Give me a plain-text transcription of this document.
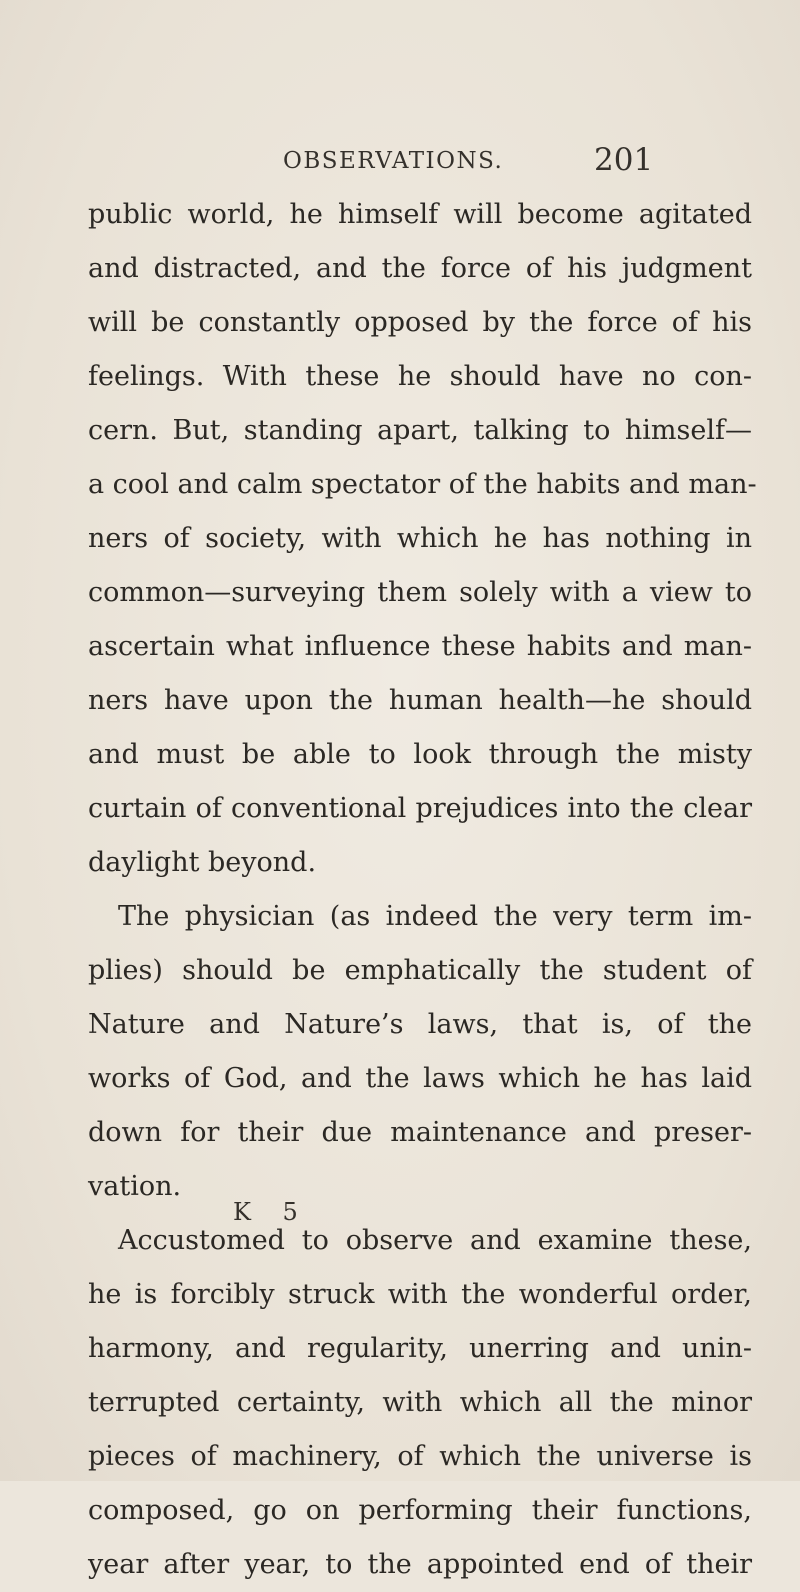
OBSERVATIONS.	201
public world, he himself will become agitated
and distracted, and the force of his judgment
will be constantly opposed by the force of his
feelings. With these he should have no con-
cern. But, standing apart, talking to himself—
a cool and calm spectator of the habits and man-
ners of society, with which he has nothing in
common—surveying them solely with a view to
ascertain what influence these habits and man-
ners have upon the human health—he should
and must be able to look through the misty
curtain of conventional prejudices into the clear
daylight beyond.
The physician (as indeed the very term im-
plies) should be emphatically the student of
Nature and Nature’s laws, that is, of the
works of God, and the laws which he has laid
down for their due maintenance and preser-
vation.
Accustomed to observe and examine these,
he is forcibly struck with the wonderful order,
harmony, and regularity, unerring and unin-
terrupted certainty, with which all the minor
pieces of machinery, of which the universe is
composed, go on performing their functions,
year after year, to the appointed end of their
K 5
